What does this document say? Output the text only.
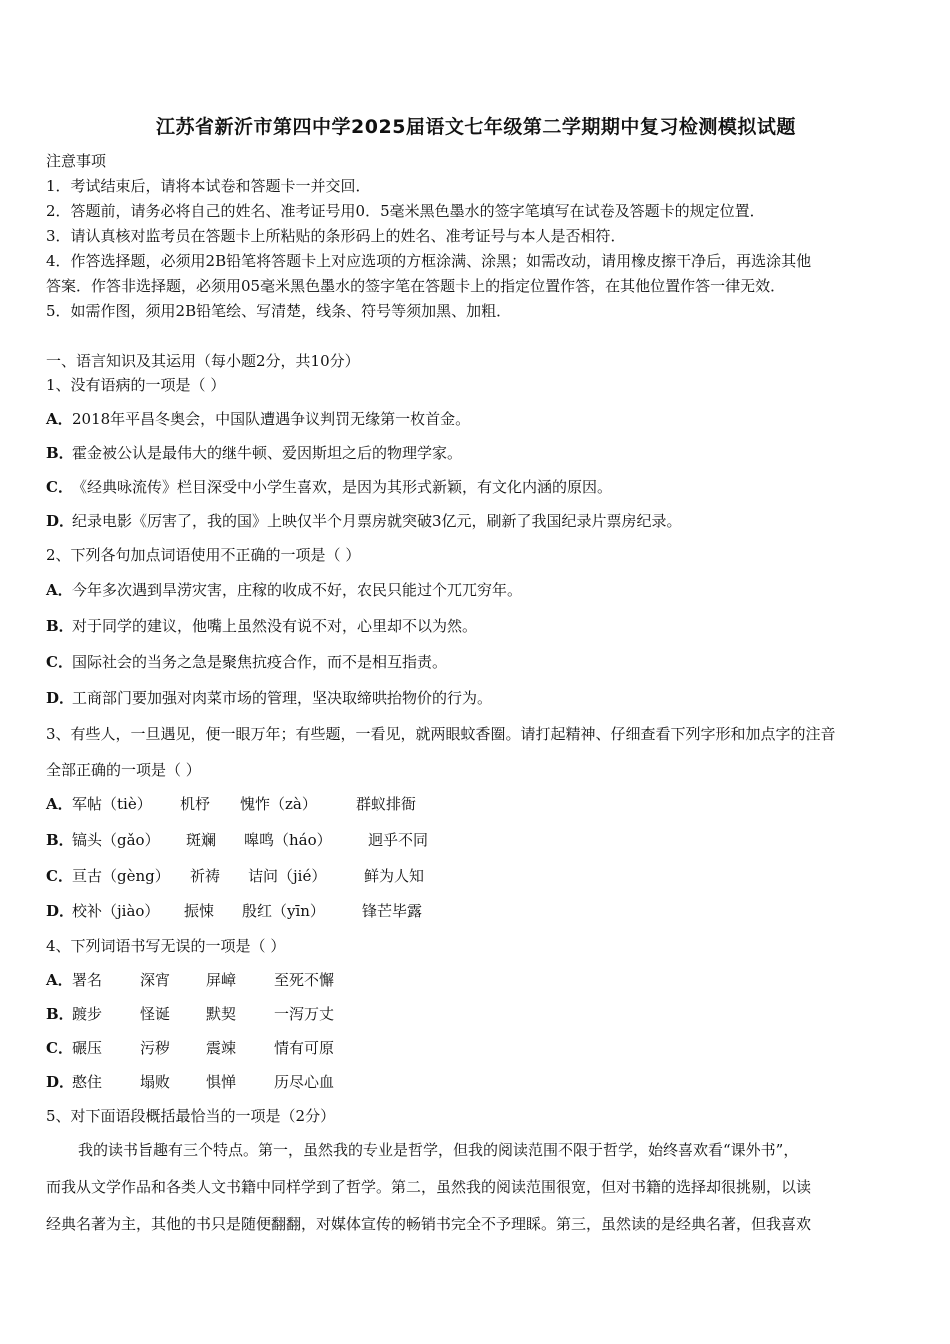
江苏省新沂市第四中学2025届语文七年级第二学期期中复习检测模拟试题
注意事项
1．考试结束后，请将本试卷和答题卡一并交回．
2．答题前，请务必将自己的姓名、准考证号用0．5毫米黑色墨水的签字笔填写在试卷及答题卡的规定位置．
3．请认真核对监考员在答题卡上所粘贴的条形码上的姓名、准考证号与本人是否相符．
4．作答选择题，必须用2B铅笔将答题卡上对应选项的方框涂满、涂黑；如需改动，请用橡皮擦干净后，再选涂其他
答案．作答非选择题，必须用05毫米黑色墨水的签字笔在答题卡上的指定位置作答，在其他位置作答一律无效．
5．如需作图，须用2B铅笔绘、写清楚，线条、符号等须加黑、加粗．
一、语言知识及其运用（每小题2分，共10分）
1、没有语病的一项是（ ）
A．2018年平昌冬奥会，中国队遭遇争议判罚无缘第一枚首金。
B．霍金被公认是最伟大的继牛顿、爱因斯坦之后的物理学家。
C．《经典咏流传》栏目深受中小学生喜欢，是因为其形式新颖，有文化内涵的原因。
D．纪录电影《厉害了，我的国》上映仅半个月票房就突破3亿元，刷新了我国纪录片票房纪录。
2、下列各句加点词语使用不正确的一项是（ ）
A．今年多次遇到旱涝灾害，庄稼的收成不好，农民只能过个兀兀穷年。
B．对于同学的建议，他嘴上虽然没有说不对，心里却不以为然。
C．国际社会的当务之急是聚焦抗疫合作，而不是相互指责。
D．工商部门要加强对肉菜市场的管理，坚决取缔哄抬物价的行为。
3、有些人，一旦遇见，便一眼万年；有些题，一看见，就两眼蚊香圈。请打起精神、仔细查看下列字形和加点字的注音
全部正确的一项是（ ）
A．军帖（tiè） 机杼 愧怍（zà）	群蚁排衙
B．镐头（gǎo） 斑斓 嗥鸣（háo） 迥乎不同
C．亘古（gèng） 祈祷 诘问（jié）	鲜为人知
D．校补（jiào） 振悚 殷红（yīn） 锋芒毕露
4、下列词语书写无误的一项是（ ）
A．署名	深宵 屏嶂	至死不懈
B．踱步	怪诞 默契	一泻万丈
C．碾压	污秽 震竦	情有可原
D．憨住	塌败 惧惮	历尽心血
5、对下面语段概括最恰当的一项是（2分）
我的读书旨趣有三个特点。第一，虽然我的专业是哲学，但我的阅读范围不限于哲学，始终喜欢看“课外书”，
而我从文学作品和各类人文书籍中同样学到了哲学。第二，虽然我的阅读范围很宽，但对书籍的选择却很挑剔，以读
经典名著为主，其他的书只是随便翻翻，对媒体宣传的畅销书完全不予理睬。第三，虽然读的是经典名著，但我喜欢
